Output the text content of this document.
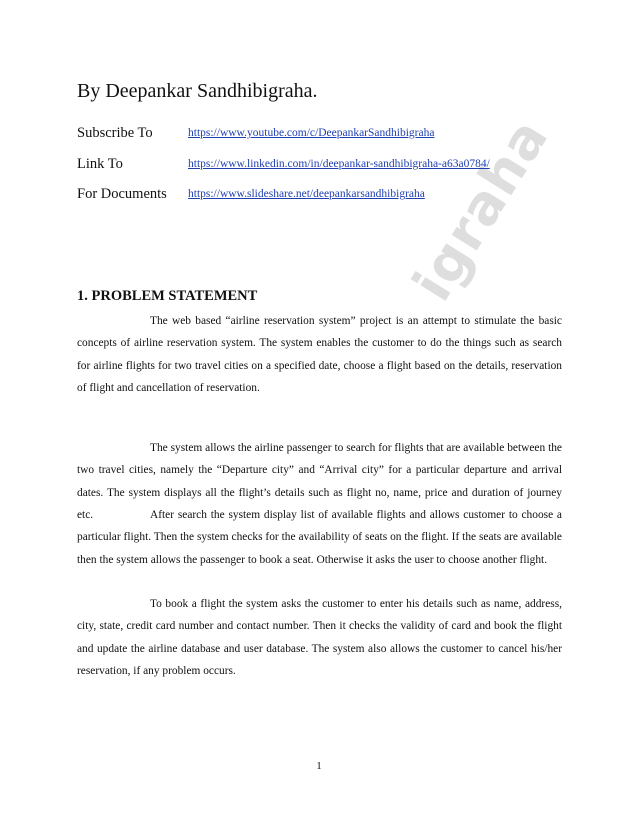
igraha
By Deepankar Sandhibigraha.
Subscribe To	https://www.youtube.com/c/DeepankarSandhibigraha
Link To	https://www.linkedin.com/in/deepankar-sandhibigraha-a63a0784/
For Documents https://www.slideshare.net/deepankarsandhibigraha
1. PROBLEM STATEMENT

The web based “airline reservation system” project is an attempt to stimulate the basic concepts of airline reservation system. The system enables the customer to do the things such as search for airline flights for two travel cities on a specified date, choose a flight based on the details, reservation of flight and cancellation of reservation.

The system allows the airline passenger to search for flights that are available between the two travel cities, namely the “Departure city” and “Arrival city” for a particular departure and arrival dates. The system displays all the flight’s details such as flight no, name, price and duration of journey etc.	After search the system display list of available flights and allows customer to choose a particular flight. Then the system checks for the availability of seats on the flight. If the seats are available then the system allows the passenger to book a seat. Otherwise it asks the user to choose another flight.

To book a flight the system asks the customer to enter his details such as name, address, city, state, credit card number and contact number. Then it checks the validity of card and book the flight and update the airline database and user database. The system also allows the customer to cancel his/her reservation, if any problem occurs.

1
